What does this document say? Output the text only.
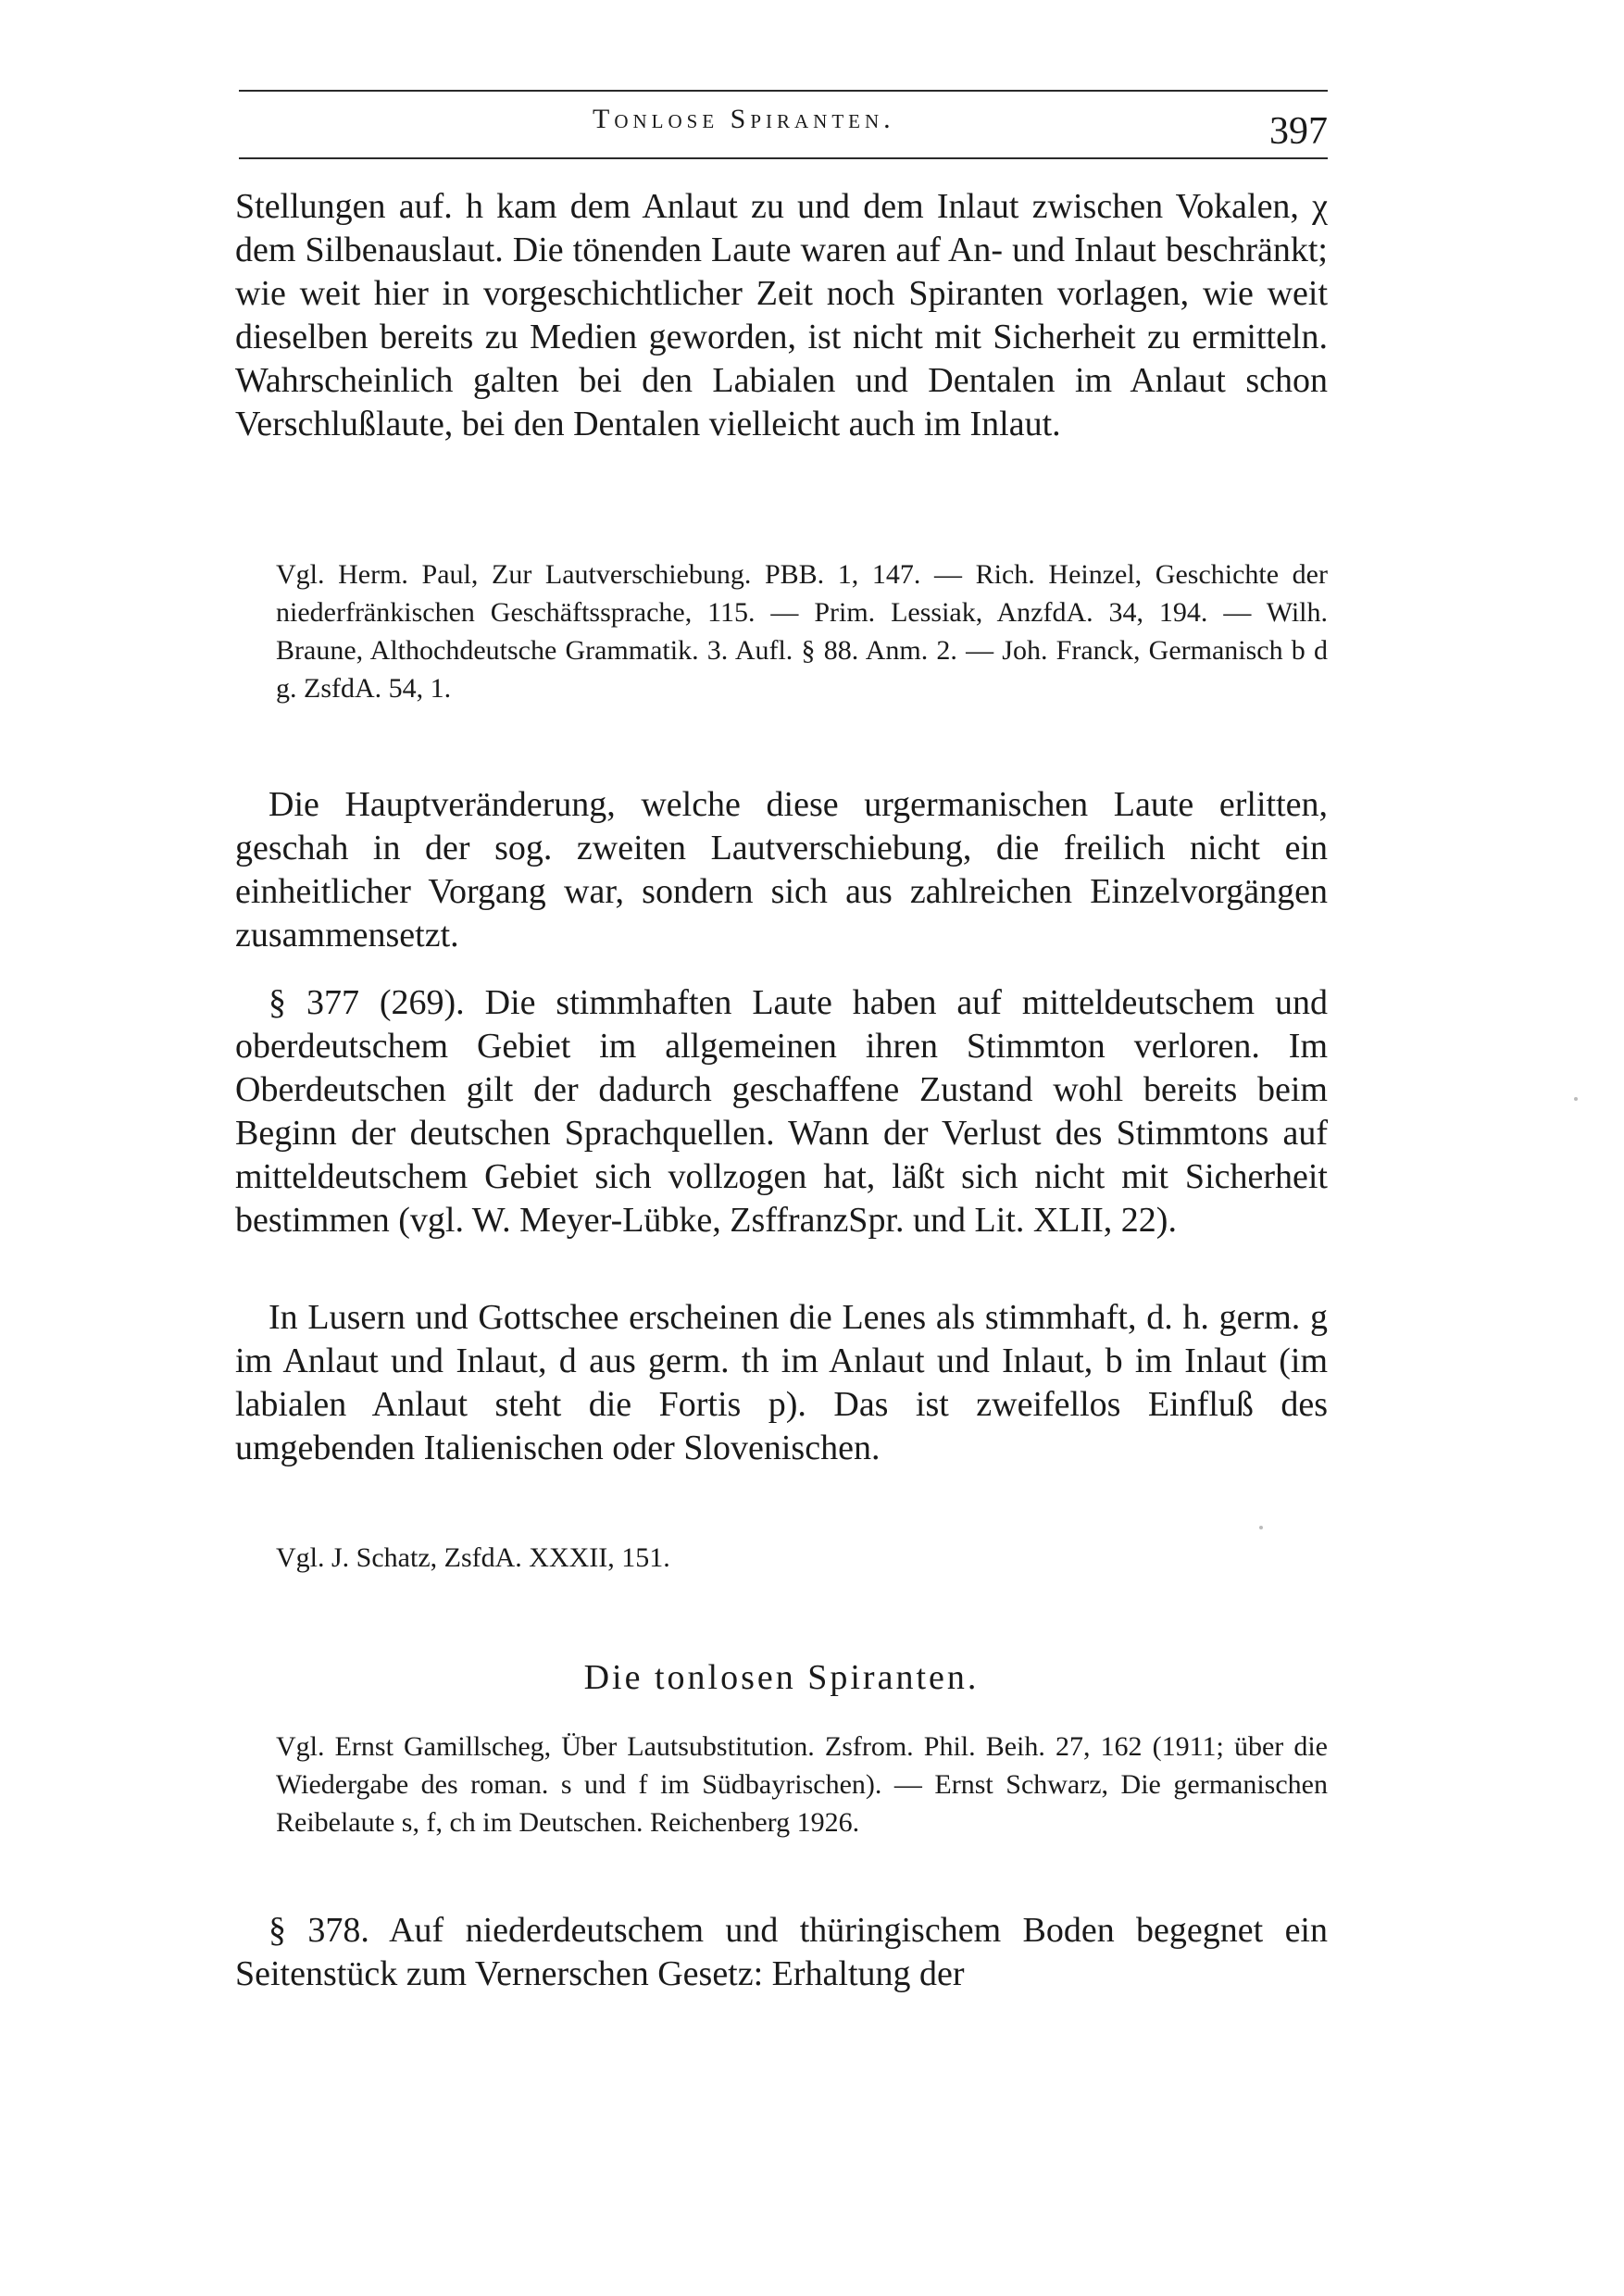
Tonlose Spiranten.	397
Stellungen auf. h kam dem Anlaut zu und dem Inlaut zwischen Vokalen, χ dem Silbenauslaut. Die tönenden Laute waren auf An- und Inlaut beschränkt; wie weit hier in vorgeschichtlicher Zeit noch Spiranten vorlagen, wie weit dieselben bereits zu Medien geworden, ist nicht mit Sicherheit zu ermitteln. Wahrscheinlich galten bei den Labialen und Dentalen im Anlaut schon Verschlußlaute, bei den Dentalen vielleicht auch im Inlaut.
Vgl. Herm. Paul, Zur Lautverschiebung. PBB. 1, 147. — Rich. Heinzel, Geschichte der niederfränkischen Geschäftssprache, 115. — Prim. Lessiak, AnzfdA. 34, 194. — Wilh. Braune, Althochdeutsche Grammatik. 3. Aufl. § 88. Anm. 2. — Joh. Franck, Germanisch b d g. ZsfdA. 54, 1.
Die Hauptveränderung, welche diese urgermanischen Laute erlitten, geschah in der sog. zweiten Lautverschiebung, die freilich nicht ein einheitlicher Vorgang war, sondern sich aus zahlreichen Einzelvorgängen zusammensetzt.
§ 377 (269). Die stimmhaften Laute haben auf mitteldeutschem und oberdeutschem Gebiet im allgemeinen ihren Stimmton verloren. Im Oberdeutschen gilt der dadurch geschaffene Zustand wohl bereits beim Beginn der deutschen Sprachquellen. Wann der Verlust des Stimmtons auf mitteldeutschem Gebiet sich vollzogen hat, läßt sich nicht mit Sicherheit bestimmen (vgl. W. Meyer-Lübke, ZsffranzSpr. und Lit. XLII, 22).
In Lusern und Gottschee erscheinen die Lenes als stimmhaft, d. h. germ. g im Anlaut und Inlaut, d aus germ. th im Anlaut und Inlaut, b im Inlaut (im labialen Anlaut steht die Fortis p). Das ist zweifellos Einfluß des umgebenden Italienischen oder Slovenischen.
Vgl. J. Schatz, ZsfdA. XXXII, 151.
Die tonlosen Spiranten.
Vgl. Ernst Gamillscheg, Über Lautsubstitution. Zsfrom. Phil. Beih. 27, 162 (1911; über die Wiedergabe des roman. s und f im Südbayrischen). — Ernst Schwarz, Die germanischen Reibelaute s, f, ch im Deutschen. Reichenberg 1926.
§ 378. Auf niederdeutschem und thüringischem Boden begegnet ein Seitenstück zum Vernerschen Gesetz: Erhaltung der
